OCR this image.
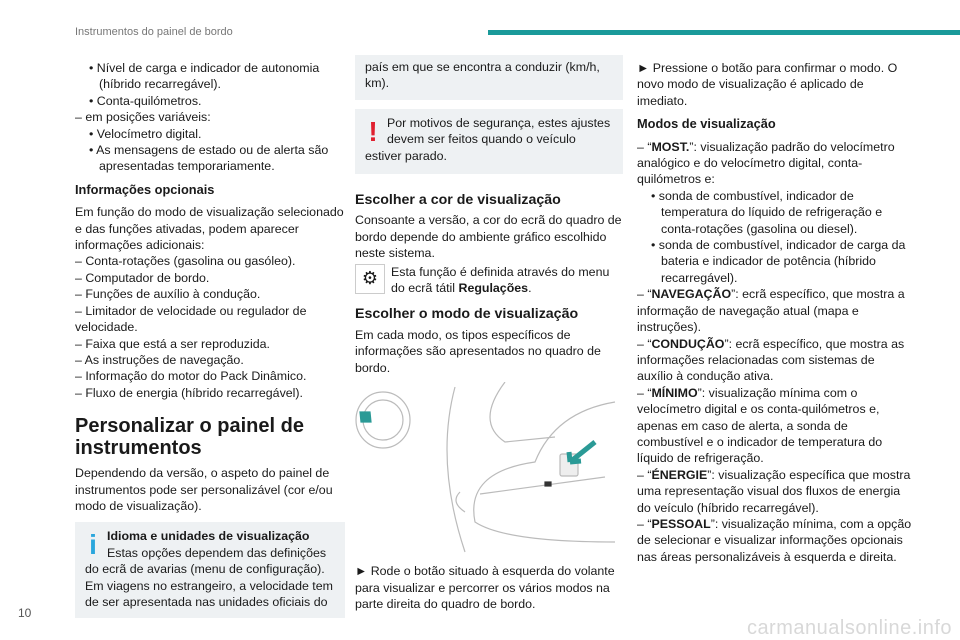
Instrumentos do painel de bordo
10
carmanualsonline.info

• Nível de carga e indicador de autonomia (híbrido recarregável).

• Conta-quilómetros.

– em posições variáveis:

• Velocímetro digital.

• As mensagens de estado ou de alerta são apresentadas temporariamente.

Informações opcionais

Em função do modo de visualização selecionado e das funções ativadas, podem aparecer informações adicionais:

– Conta-rotações (gasolina ou gasóleo).

– Computador de bordo.

– Funções de auxílio à condução.

– Limitador de velocidade ou regulador de velocidade.

– Faixa que está a ser reproduzida.

– As instruções de navegação.

– Informação do motor do Pack Dinâmico.

– Fluxo de energia (híbrido recarregável).

Personalizar o painel de instrumentos

Dependendo da versão, o aspeto do painel de instrumentos pode ser personalizável (cor e/ou modo de visualização).

i Idioma e unidades de visualização
Estas opções dependem das definições do ecrã de avarias (menu de configuração). Em viagens no estrangeiro, a velocidade tem de ser apresentada nas unidades oficiais do
país em que se encontra a conduzir (km/h, km).
! Por motivos de segurança, estes ajustes devem ser feitos quando o veículo estiver parado.
Escolher a cor de visualização

Consoante a versão, a cor do ecrã do quadro de bordo depende do ambiente gráfico escolhido neste sistema.

⚙	Esta função é definida através do menu do ecrã tátil Regulações.
Escolher o modo de visualização

Em cada modo, os tipos específicos de informações são apresentados no quadro de bordo.

► Rode o botão situado à esquerda do volante para visualizar e percorrer os vários modos na parte direita do quadro de bordo.

► Pressione o botão para confirmar o modo. O novo modo de visualização é aplicado de imediato.

Modos de visualização

– “MOST.”: visualização padrão do velocímetro analógico e do velocímetro digital, conta-quilómetros e:

• sonda de combustível, indicador de temperatura do líquido de refrigeração e conta-rotações (gasolina ou diesel).

• sonda de combustível, indicador de carga da bateria e indicador de potência (híbrido recarregável).

– “NAVEGAÇÃO”: ecrã específico, que mostra a informação de navegação atual (mapa e instruções).

– “CONDUÇÃO”: ecrã específico, que mostra as informações relacionadas com sistemas de auxílio à condução ativa.

– “MÍNIMO”: visualização mínima com o velocímetro digital e os conta-quilómetros e, apenas em caso de alerta, a sonda de combustível e o indicador de temperatura do líquido de refrigeração.

– “ÉNERGIE”: visualização específica que mostra uma representação visual dos fluxos de energia do veículo (híbrido recarregável).

– “PESSOAL”: visualização mínima, com a opção de selecionar e visualizar informações opcionais nas áreas personalizáveis à esquerda e direita.
